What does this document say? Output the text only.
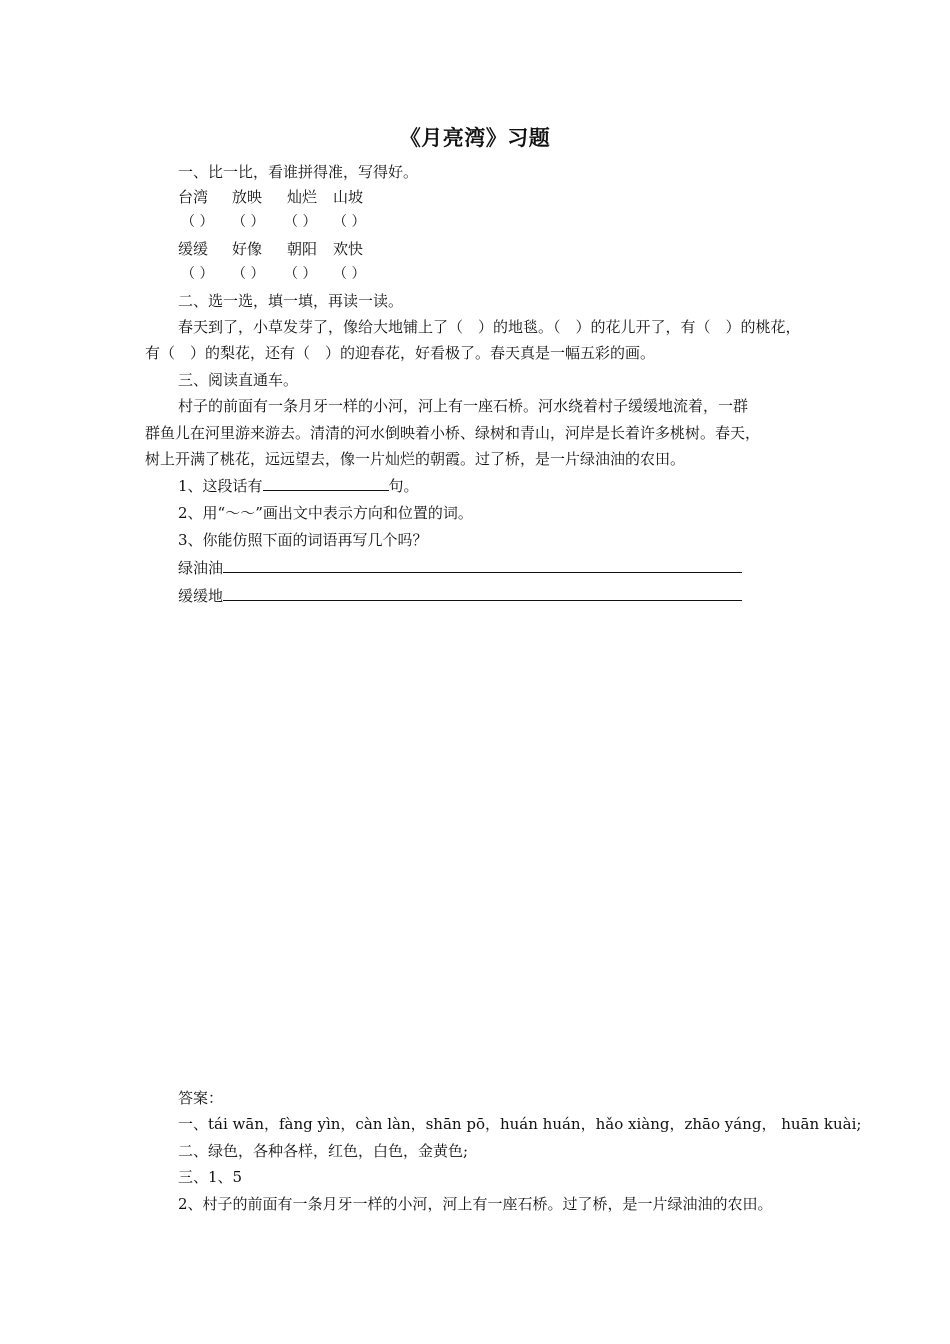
《月亮湾》习题
一、比一比，看谁拼得准，写得好。
台湾 放映 灿烂 山坡
（ ） （ ） （ ） （ ）
缓缓 好像 朝阳 欢快
（ ） （ ） （ ） （ ）
二、选一选，填一填，再读一读。
春天到了，小草发芽了，像给大地铺上了（　）的地毯。（　）的花儿开了，有（　）的桃花，
有（　）的梨花，还有（　）的迎春花，好看极了。春天真是一幅五彩的画。
三、阅读直通车。
村子的前面有一条月牙一样的小河，河上有一座石桥。河水绕着村子缓缓地流着，一群
群鱼儿在河里游来游去。清清的河水倒映着小桥、绿树和青山，河岸是长着许多桃树。春天，
树上开满了桃花，远远望去，像一片灿烂的朝霞。过了桥，是一片绿油油的农田。
1、这段话有	句。
2、用“～～”画出文中表示方向和位置的词。
3、你能仿照下面的词语再写几个吗？
绿油油
缓缓地
答案：
一、tái wān，fàng yìn，càn làn，shān pō，huán huán，hǎo xiàng，zhāo yáng， huān kuài;
二、绿色，各种各样，红色，白色，金黄色;
三、1、5
2、村子的前面有一条月牙一样的小河，河上有一座石桥。过了桥，是一片绿油油的农田。
